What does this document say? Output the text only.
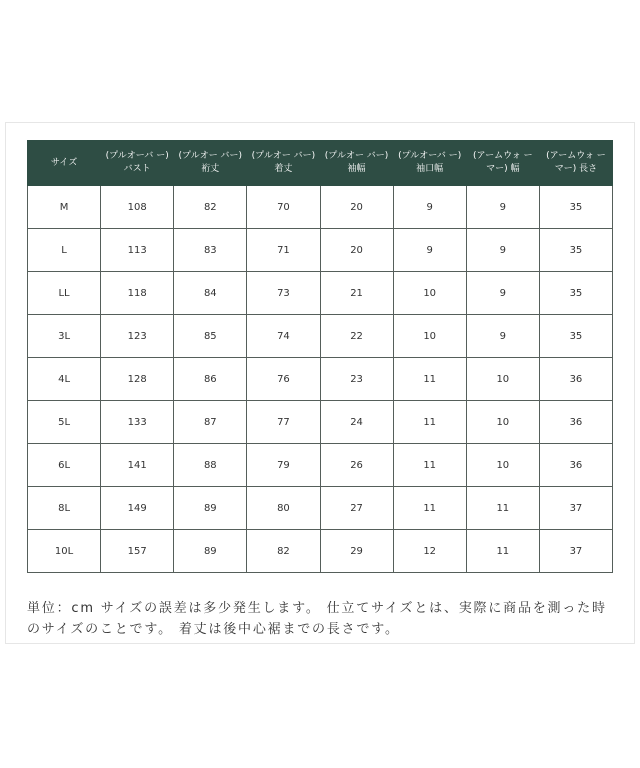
サイズ	(プルオーバ ー)バスト	(プルオー バー)裄丈	(プルオー バー)着丈	(プルオー バー)袖幅	(プルオーバ ー)袖口幅	(アームウォ ーマー) 幅	(アームウォ ーマー) 長さ
M	108	82	70	20	9	9	35
L	113	83	71	20	9	9	35
LL	118	84	73	21	10	9	35
3L	123	85	74	22	10	9	35
4L	128	86	76	23	11	10	36
5L	133	87	77	24	11	10	36
6L	141	88	79	26	11	10	36
8L	149	89	80	27	11	11	37
10L	157	89	82	29	12	11	37
単位：cm サイズの誤差は多少発生します。 仕立てサイズとは、実際に商品を測った時のサイズのことです。 着丈は後中心裾までの長さです。
